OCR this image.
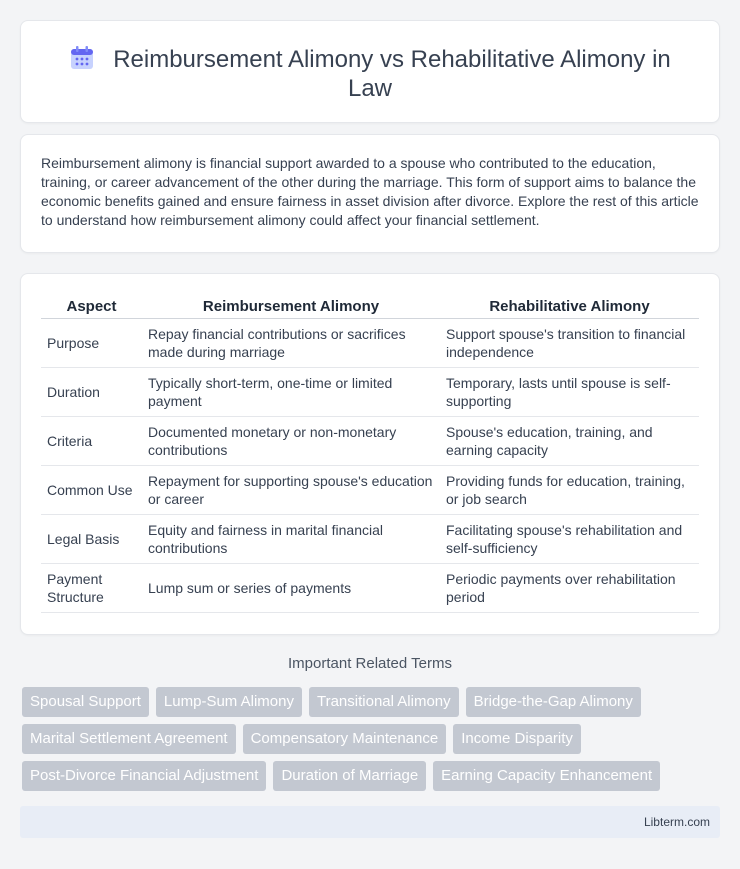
Reimbursement Alimony vs Rehabilitative Alimony in Law

Reimbursement alimony is financial support awarded to a spouse who contributed to the education, training, or career advancement of the other during the marriage. This form of support aims to balance the economic benefits gained and ensure fairness in asset division after divorce. Explore the rest of this article to understand how reimbursement alimony could affect your financial settlement.

Aspect	Reimbursement Alimony	Rehabilitative Alimony
Purpose	Repay financial contributions or sacrifices made during marriage	Support spouse's transition to financial independence
Duration	Typically short-term, one-time or limited payment	Temporary, lasts until spouse is self-supporting
Criteria	Documented monetary or non-monetary contributions	Spouse's education, training, and earning capacity
Common Use	Repayment for supporting spouse's education or career	Providing funds for education, training, or job search
Legal Basis	Equity and fairness in marital financial contributions	Facilitating spouse's rehabilitation and self-sufficiency
Payment Structure	Lump sum or series of payments	Periodic payments over rehabilitation period
Important Related Terms
Spousal Support	Lump-Sum Alimony	Transitional Alimony	Bridge-the-Gap Alimony
Marital Settlement Agreement	Compensatory Maintenance	Income Disparity
Post-Divorce Financial Adjustment	Duration of Marriage	Earning Capacity Enhancement
Libterm.com
